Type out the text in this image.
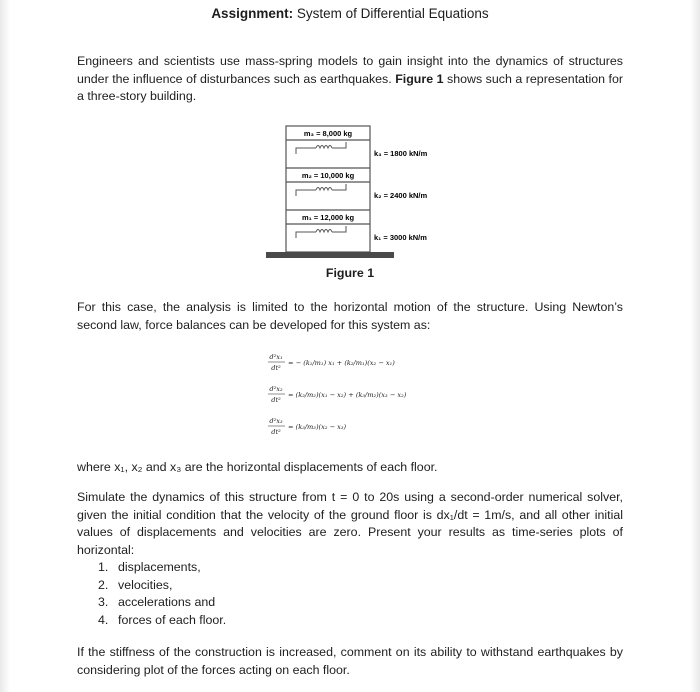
Assignment: System of Differential Equations

Engineers and scientists use mass-spring models to gain insight into the dynamics of structures under the influence of disturbances such as earthquakes. Figure 1 shows such a representation for a three-story building.

m₃ = 8,000 kg
m₂ = 10,000 kg
m₁ = 12,000 kg
k₃ = 1800 kN/m
k₂ = 2400 kN/m
k₁ = 3000 kN/m
Figure 1

For this case, the analysis is limited to the horizontal motion of the structure. Using Newton’s second law, force balances can be developed for this system as:

d²x₁
dt²
= − (k₁/m₁) x₁ + (k₂/m₁)(x₂ − x₁)
d²x₂
dt²
= (k₂/m₂)(x₁ − x₂) + (k₃/m₂)(x₃ − x₂)
d²x₃
dt²
= (k₃/m₃)(x₂ − x₃)

where x₁, x₂ and x₃ are the horizontal displacements of each floor.

Simulate the dynamics of this structure from t = 0 to 20s using a second-order numerical solver, given the initial condition that the velocity of the ground floor is dx₁/dt = 1m/s, and all other initial values of displacements and velocities are zero. Present your results as time-series plots of horizontal:

1. displacements,
2. velocities,
3. accelerations and
4. forces of each floor.

If the stiffness of the construction is increased, comment on its ability to withstand earthquakes by considering plot of the forces acting on each floor.
